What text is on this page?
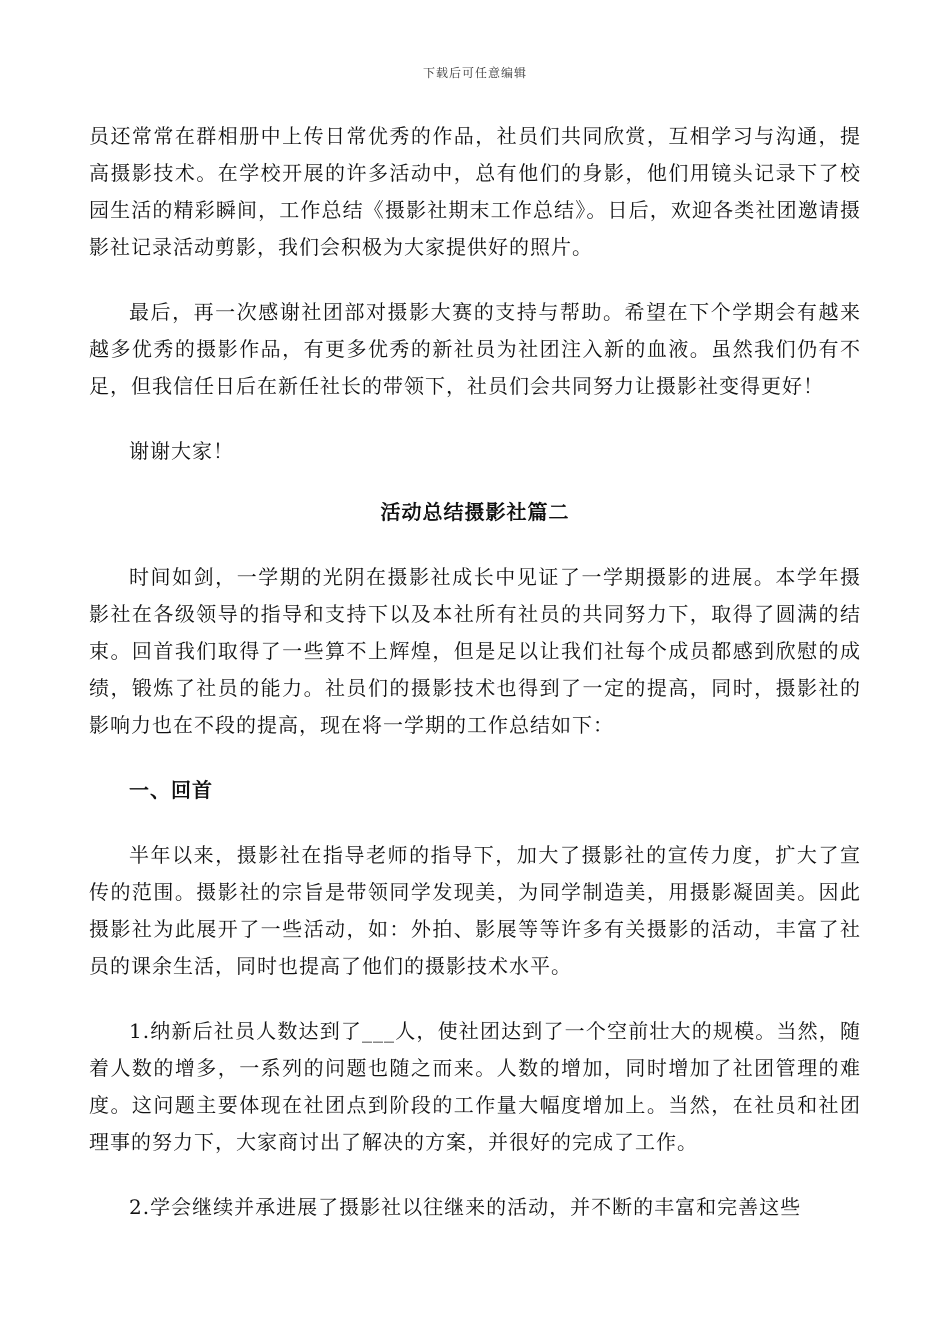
下载后可任意编辑

员还常常在群相册中上传日常优秀的作品，社员们共同欣赏，互相学习与沟通，提高摄影技术。在学校开展的许多活动中，总有他们的身影，他们用镜头记录下了校园生活的精彩瞬间，工作总结《摄影社期末工作总结》。日后，欢迎各类社团邀请摄影社记录活动剪影，我们会积极为大家提供好的照片。

最后，再一次感谢社团部对摄影大赛的支持与帮助。希望在下个学期会有越来越多优秀的摄影作品，有更多优秀的新社员为社团注入新的血液。虽然我们仍有不足，但我信任日后在新任社长的带领下，社员们会共同努力让摄影社变得更好！

谢谢大家！

活动总结摄影社篇二

时间如剑，一学期的光阴在摄影社成长中见证了一学期摄影的进展。本学年摄影社在各级领导的指导和支持下以及本社所有社员的共同努力下，取得了圆满的结束。回首我们取得了一些算不上辉煌，但是足以让我们社每个成员都感到欣慰的成绩，锻炼了社员的能力。社员们的摄影技术也得到了一定的提高，同时，摄影社的影响力也在不段的提高，现在将一学期的工作总结如下：

一、回首

半年以来，摄影社在指导老师的指导下，加大了摄影社的宣传力度，扩大了宣传的范围。摄影社的宗旨是带领同学发现美，为同学制造美，用摄影凝固美。因此摄影社为此展开了一些活动，如：外拍、影展等等许多有关摄影的活动，丰富了社员的课余生活，同时也提高了他们的摄影技术水平。

1.纳新后社员人数达到了___人，使社团达到了一个空前壮大的规模。当然，随着人数的增多，一系列的问题也随之而来。人数的增加，同时增加了社团管理的难度。这问题主要体现在社团点到阶段的工作量大幅度增加上。当然，在社员和社团理事的努力下，大家商讨出了解决的方案，并很好的完成了工作。

2.学会继续并承进展了摄影社以往继来的活动，并不断的丰富和完善这些
